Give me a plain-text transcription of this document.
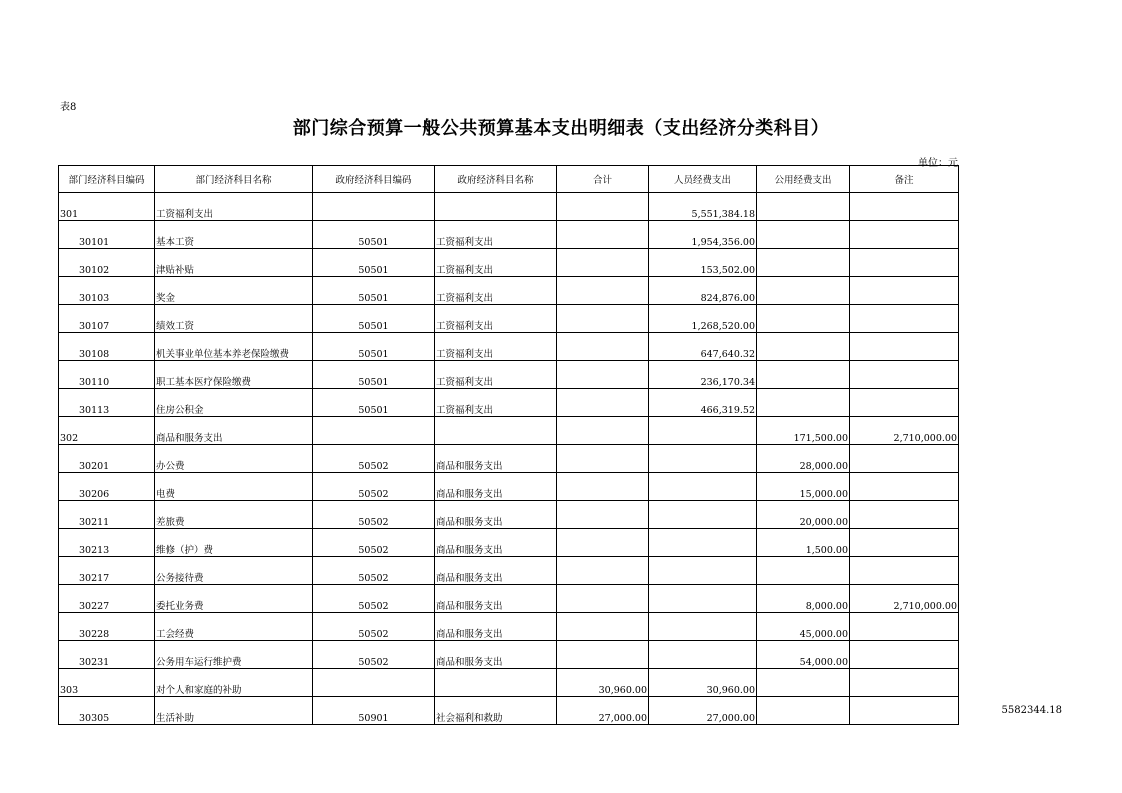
表8
部门综合预算一般公共预算基本支出明细表（支出经济分类科目）
单位：元
部门经济科目编码	部门经济科目名称	政府经济科目编码	政府经济科目名称	合计	人员经费支出	公用经费支出	备注
301	工资福利支出				5,551,384.18		
30101	基本工资	50501	工资福利支出		1,954,356.00		
30102	津贴补贴	50501	工资福利支出		153,502.00		
30103	奖金	50501	工资福利支出		824,876.00		
30107	绩效工资	50501	工资福利支出		1,268,520.00		
30108	机关事业单位基本养老保险缴费	50501	工资福利支出		647,640.32		
30110	职工基本医疗保险缴费	50501	工资福利支出		236,170.34		
30113	住房公积金	50501	工资福利支出		466,319.52		
302	商品和服务支出					171,500.00	2,710,000.00
30201	办公费	50502	商品和服务支出			28,000.00	
30206	电费	50502	商品和服务支出			15,000.00	
30211	差旅费	50502	商品和服务支出			20,000.00	
30213	维修（护）费	50502	商品和服务支出			1,500.00	
30217	公务接待费	50502	商品和服务支出				
30227	委托业务费	50502	商品和服务支出			8,000.00	2,710,000.00
30228	工会经费	50502	商品和服务支出			45,000.00	
30231	公务用车运行维护费	50502	商品和服务支出			54,000.00	
303	对个人和家庭的补助			30,960.00	30,960.00		
30305	生活补助	50901	社会福利和救助	27,000.00	27,000.00		
5582344.18
